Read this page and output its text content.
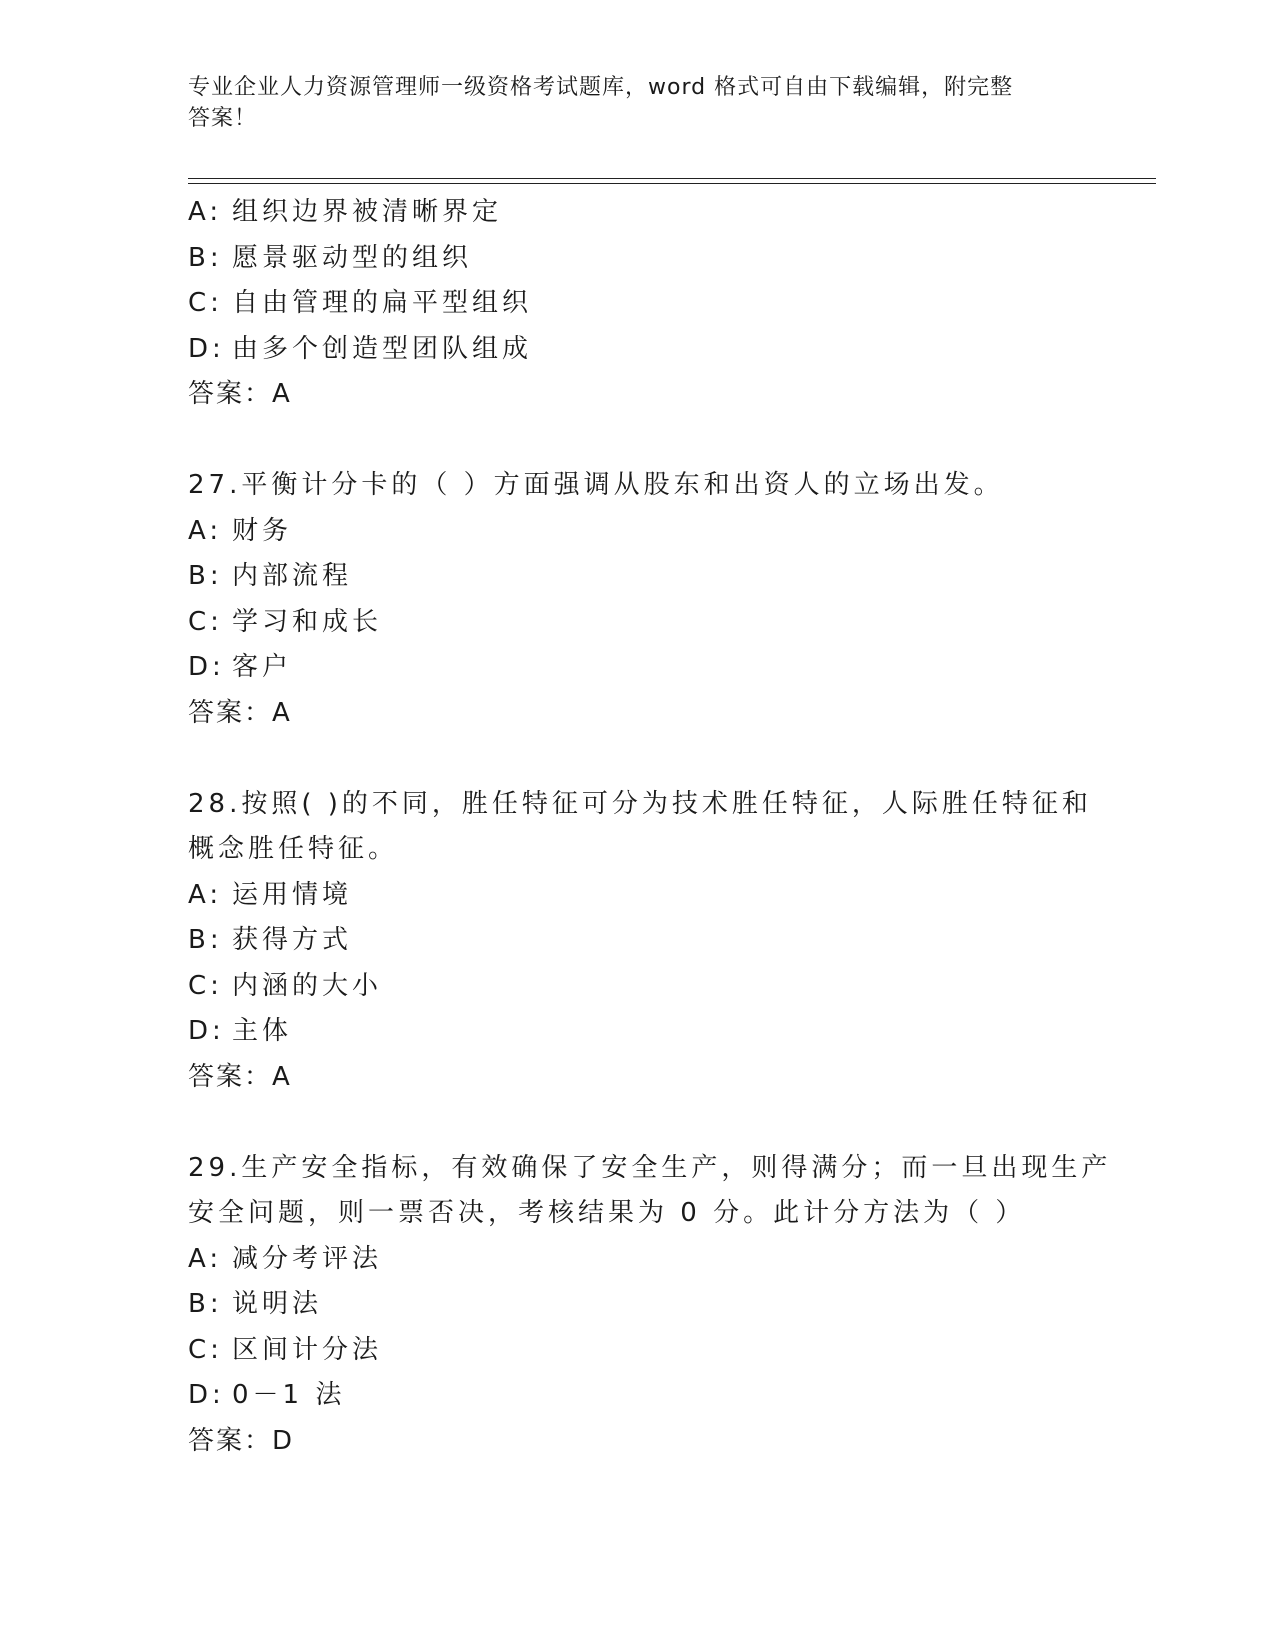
专业企业人力资源管理师一级资格考试题库，word 格式可自由下载编辑，附完整
答案！
A: 组织边界被清晰界定
B: 愿景驱动型的组织
C: 自由管理的扁平型组织
D: 由多个创造型团队组成
答案：A
27.平衡计分卡的（ ）方面强调从股东和出资人的立场出发。
A: 财务
B: 内部流程
C: 学习和成长
D: 客户
答案：A
28.按照( )的不同，胜任特征可分为技术胜任特征，人际胜任特征和
概念胜任特征。
A: 运用情境
B: 获得方式
C: 内涵的大小
D: 主体
答案：A
29.生产安全指标，有效确保了安全生产，则得满分；而一旦出现生产
安全问题，则一票否决，考核结果为 0 分。此计分方法为（ ）
A: 减分考评法
B: 说明法
C: 区间计分法
D: 0－1 法
答案：D
